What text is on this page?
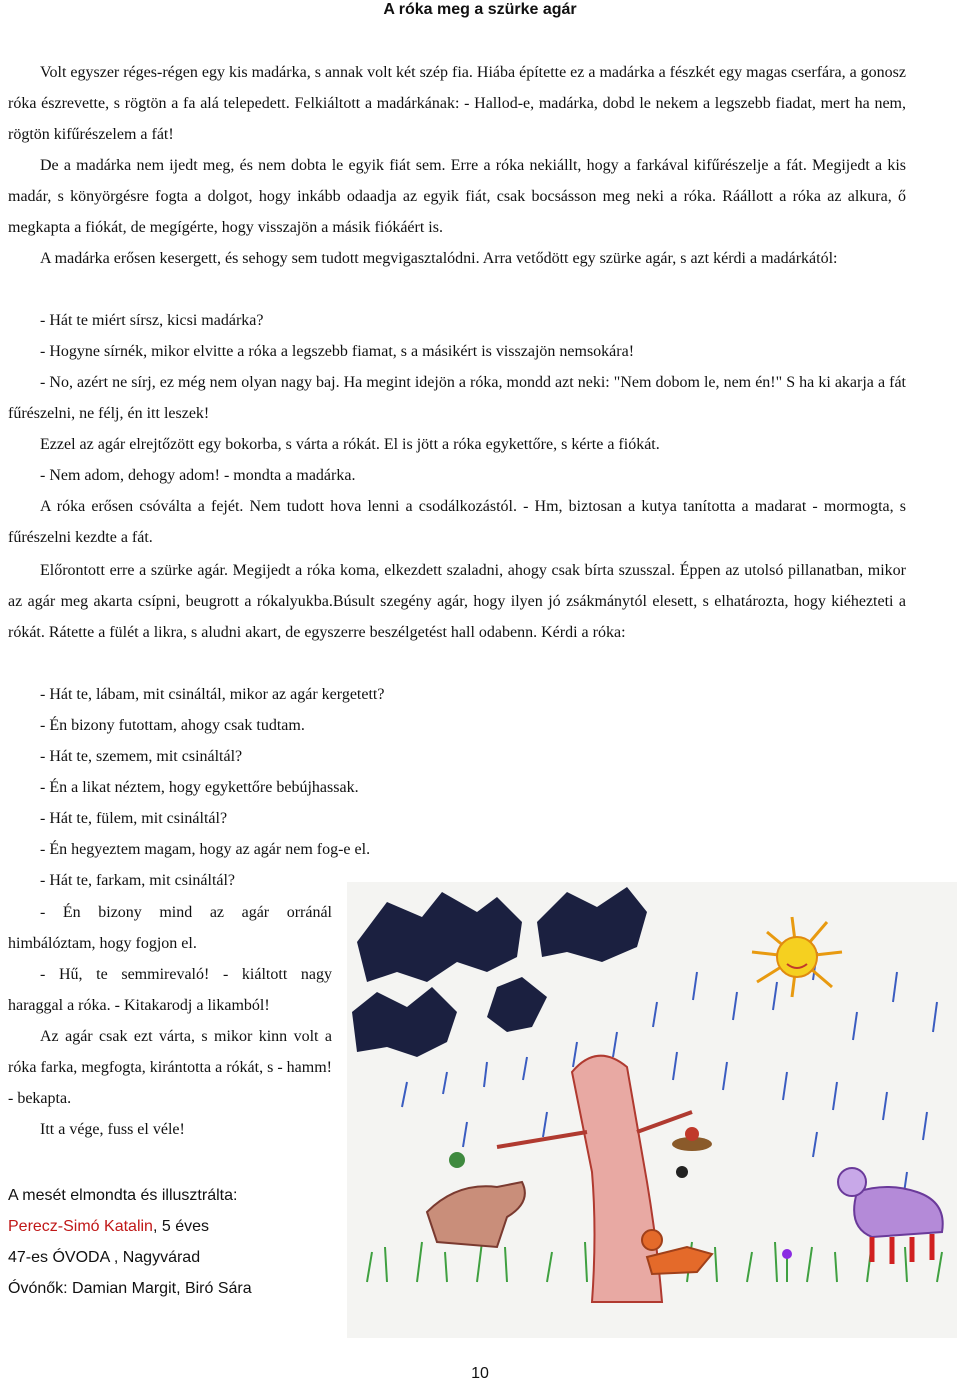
A róka meg a szürke agár

Volt egyszer réges-régen egy kis madárka, s annak volt két szép fia. Hiába építette ez a madárka a fészkét egy magas cserfára, a gonosz róka észrevette, s rögtön a fa alá telepedett. Felkiáltott a madárkának: - Hallod-e, madárka, dobd le nekem a legszebb fiadat, mert ha nem, rögtön kifűrészelem a fát!

De a madárka nem ijedt meg, és nem dobta le egyik fiát sem. Erre a róka nekiállt, hogy a farkával kifűrészelje a fát. Megijedt a kis madár, s könyörgésre fogta a dolgot, hogy inkább odaadja az egyik fiát, csak bocsásson meg neki a róka. Ráállott a róka az alkura, ő megkapta a fiókát, de megígérte, hogy visszajön a másik fiókáért is.

A madárka erősen kesergett, és sehogy sem tudott megvigasztalódni. Arra vetődött egy szürke agár, s azt kérdi a madárkától:

- Hát te miért sírsz, kicsi madárka?

- Hogyne sírnék, mikor elvitte a róka a legszebb fiamat, s a másikért is visszajön nemsokára!

- No, azért ne sírj, ez még nem olyan nagy baj. Ha megint idejön a róka, mondd azt neki: "Nem dobom le, nem én!" S ha ki akarja a fát fűrészelni, ne félj, én itt leszek!

Ezzel az agár elrejtőzött egy bokorba, s várta a rókát. El is jött a róka egykettőre, s kérte a fiókát.

- Nem adom, dehogy adom! - mondta a madárka.

A róka erősen csóválta a fejét. Nem tudott hova lenni a csodálkozástól. - Hm, biztosan a kutya tanította a madarat - mormogta, s fűrészelni kezdte a fát.

Előrontott erre a szürke agár. Megijedt a róka koma, elkezdett szaladni, ahogy csak bírta szusszal. Éppen az utolsó pillanatban, mikor az agár meg akarta csípni, beugrott a rókalyukba.Búsult szegény agár, hogy ilyen jó zsákmánytól elesett, s elhatározta, hogy kiéhezteti a rókát. Rátette a fülét a likra, s aludni akart, de egyszerre beszélgetést hall odabenn. Kérdi a róka:

- Hát te, lábam, mit csináltál, mikor az agár kergetett?

- Én bizony futottam, ahogy csak tudtam.

- Hát te, szemem, mit csináltál?

- Én a likat néztem, hogy egykettőre bebújhassak.

- Hát te, fülem, mit csináltál?

- Én hegyeztem magam, hogy az agár nem fog-e el.

- Hát te, farkam, mit csináltál?

- Én bizony mind az agár orránál himbálóztam, hogy fogjon el.

- Hű, te semmirevaló! - kiáltott nagy haraggal a róka. - Kitakarodj a likamból!

Az agár csak ezt várta, s mikor kinn volt a róka farka, megfogta, kirántotta a rókát, s - hamm! - bekapta.

Itt a vége, fuss el véle!

A mesét elmondta és illusztrálta:
Perecz-Simó Katalin, 5 éves
47-es ÓVODA , Nagyvárad
Óvónők: Damian Margit, Biró Sára
10
